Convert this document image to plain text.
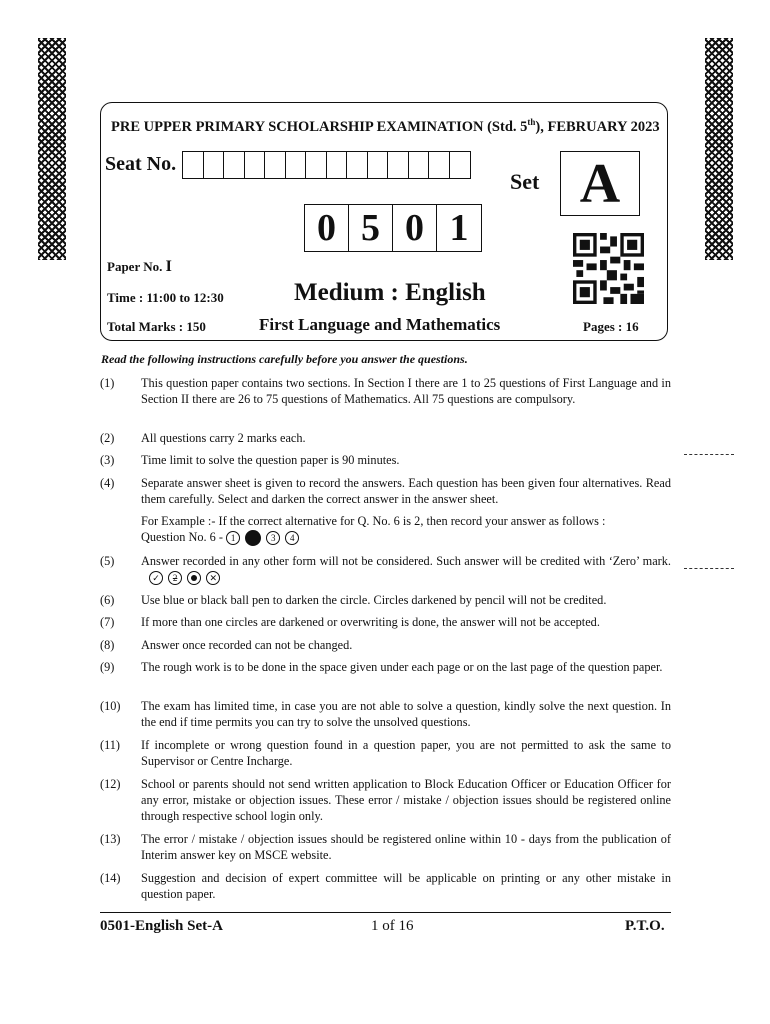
PRE UPPER PRIMARY SCHOLARSHIP EXAMINATION (Std. 5th), FEBRUARY 2023
Seat No.
Set A
0 5 0 1
Paper No. I
Time : 11:00 to 12:30	Medium : English
Total Marks : 150	First Language and Mathematics	Pages : 16
Read the following instructions carefully before you answer the questions.
(1) This question paper contains two sections. In Section I there are 1 to 25 questions of First Language and in Section II there are 26 to 75 questions of Mathematics. All 75 questions are compulsory.
(2) All questions carry 2 marks each.
(3) Time limit to solve the question paper is 90 minutes.
(4) Separate answer sheet is given to record the answers. Each question has been given four alternatives. Read them carefully. Select and darken the correct answer in the answer sheet.
For Example :- If the correct alternative for Q. No. 6 is 2, then record your answer as follows :
Question No. 6 - 1	3 4
(5) Answer recorded in any other form will not be considered. Such answer will be credited with ‘Zero’ mark. ✓ 2	✕
(6) Use blue or black ball pen to darken the circle. Circles darkened by pencil will not be credited.
(7) If more than one circles are darkened or overwriting is done, the answer will not be accepted.
(8) Answer once recorded can not be changed.
(9) The rough work is to be done in the space given under each page or on the last page of the question paper.
(10) The exam has limited time, in case you are not able to solve a question, kindly solve the next question. In the end if time permits you can try to solve the unsolved questions.
(11) If incomplete or wrong question found in a question paper, you are not permitted to ask the same to Supervisor or Centre Incharge.
(12) School or parents should not send written application to Block Education Officer or Education Officer for any error, mistake or objection issues. These error / mistake / objection issues should be registered online through respective school login only.
(13) The error / mistake / objection issues should be registered online within 10 - days from the publication of Interim answer key on MSCE website.
(14) Suggestion and decision of expert committee will be applicable on printing or any other mistake in question paper.
0501-English Set-A	1 of 16	P.T.O.
